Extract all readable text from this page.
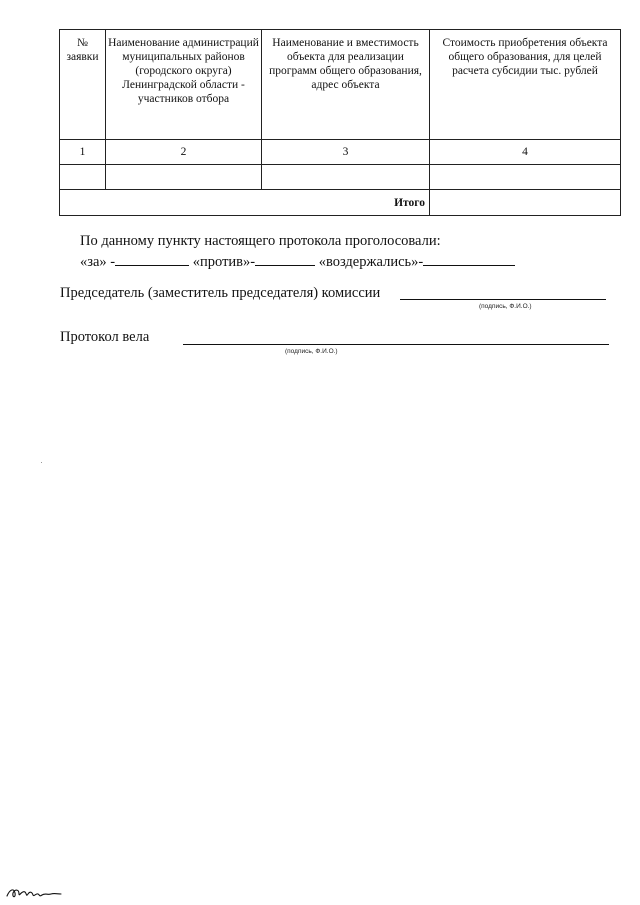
№ заявки	Наименование администраций муниципальных районов (городского округа) Ленинградской области - участников отбора	Наименование и вместимость объекта для реализации программ общего образования, адрес объекта	Стоимость приобретения объекта общего образования, для целей расчета субсидии тыс. рублей
1	2	3	4

Итого			
По данному пункту настоящего протокола проголосовали:
«за» -	«против»-	«воздержались»-
Председатель (заместитель председателя) комиссии
(подпись, Ф.И.О.)
Протокол вела
(подпись, Ф.И.О.)
